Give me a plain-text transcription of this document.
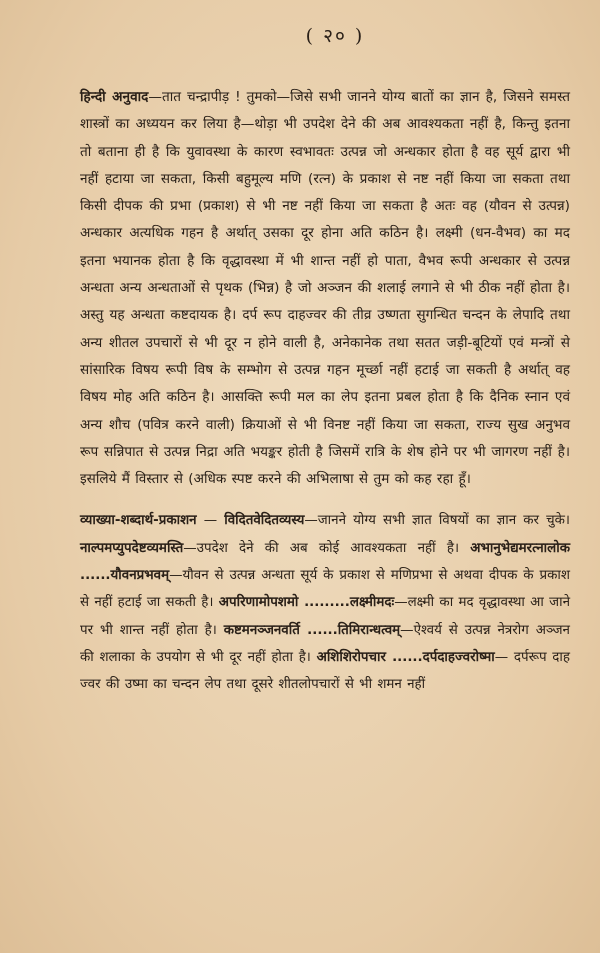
( २० )

हिन्दी अनुवाद—तात चन्द्रापीड़ ! तुमको—जिसे सभी जानने योग्य बातों का ज्ञान है, जिसने समस्त शास्त्रों का अध्ययन कर लिया है—थोड़ा भी उपदेश देने की अब आवश्यकता नहीं है, किन्तु इतना तो बताना ही है कि युवावस्था के कारण स्वभावतः उत्पन्न जो अन्धकार होता है वह सूर्य द्वारा भी नहीं हटाया जा सकता, किसी बहुमूल्य मणि (रत्न) के प्रकाश से नष्ट नहीं किया जा सकता तथा किसी दीपक की प्रभा (प्रकाश) से भी नष्ट नहीं किया जा सकता है अतः वह (यौवन से उत्पन्न) अन्धकार अत्यधिक गहन है अर्थात् उसका दूर होना अति कठिन है। लक्ष्मी (धन-वैभव) का मद इतना भयानक होता है कि वृद्धावस्था में भी शान्त नहीं हो पाता, वैभव रूपी अन्धकार से उत्पन्न अन्धता अन्य अन्धताओं से पृथक (भिन्न) है जो अञ्जन की शलाई लगाने से भी ठीक नहीं होता है। अस्तु यह अन्धता कष्टदायक है। दर्प रूप दाहज्वर की तीव्र उष्णता सुगन्धित चन्दन के लेपादि तथा अन्य शीतल उपचारों से भी दूर न होने वाली है, अनेकानेक तथा सतत जड़ी-बूटियों एवं मन्त्रों से सांसारिक विषय रूपी विष के सम्भोग से उत्पन्न गहन मूर्च्छा नहीं हटाई जा सकती है अर्थात् वह विषय मोह अति कठिन है। आसक्ति रूपी मल का लेप इतना प्रबल होता है कि दैनिक स्नान एवं अन्य शौच (पवित्र करने वाली) क्रियाओं से भी विनष्ट नहीं किया जा सकता, राज्य सुख अनुभव रूप सन्निपात से उत्पन्न निद्रा अति भयङ्कर होती है जिसमें रात्रि के शेष होने पर भी जागरण नहीं है। इसलिये मैं विस्तार से (अधिक स्पष्ट करने की अभिलाषा से तुम को कह रहा हूँ।

व्याख्या-शब्दार्थ-प्रकाशन — विदितवेदितव्यस्य—जानने योग्य सभी ज्ञात विषयों का ज्ञान कर चुके। नाल्पमप्युपदेष्टव्यमस्ति—उपदेश देने की अब कोई आवश्यकता नहीं है। अभानुभेद्यमरत्नालोक ......यौवनप्रभवम्—यौवन से उत्पन्न अन्धता सूर्य के प्रकाश से मणिप्रभा से अथवा दीपक के प्रकाश से नहीं हटाई जा सकती है। अपरिणामोपशमो .........लक्ष्मीमदः—लक्ष्मी का मद वृद्धावस्था आ जाने पर भी शान्त नहीं होता है। कष्टमनञ्जनवर्ति ......तिमिरान्धत्वम्—ऐश्वर्य से उत्पन्न नेत्ररोग अञ्जन की शलाका के उपयोग से भी दूर नहीं होता है। अशिशिरोपचार ......दर्पदाहज्वरोष्मा— दर्परूप दाह ज्वर की उष्मा का चन्दन लेप तथा दूसरे शीतलोपचारों से भी शमन नहीं
